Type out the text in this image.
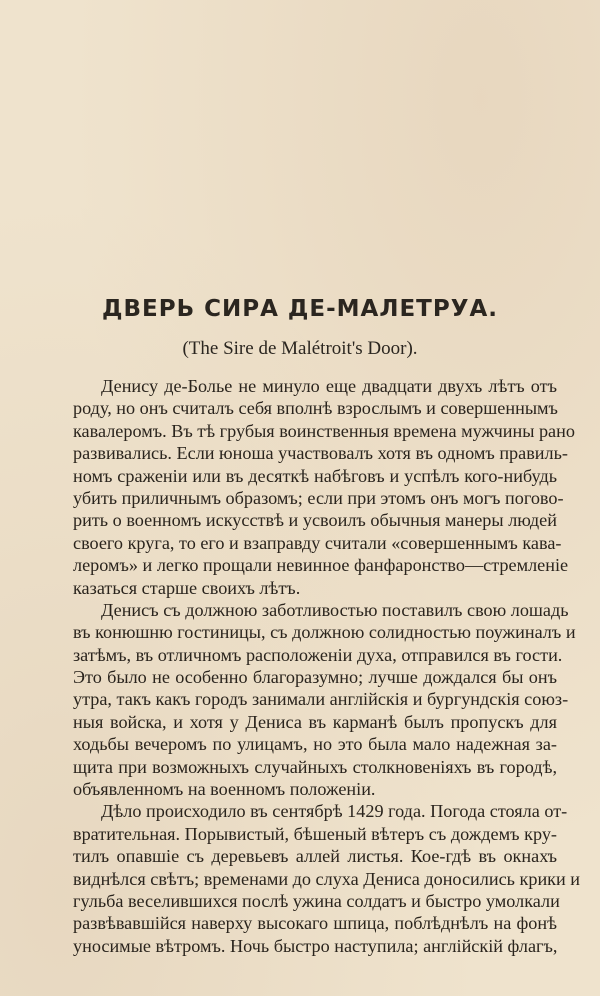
ДВЕРЬ СИРА ДЕ-МАЛЕТРУА.
(The Sire de Malétroit's Door).
Денису де-Болье не минуло еще двадцати двухъ лѣтъ отъ
роду, но онъ считалъ себя вполнѣ взрослымъ и совершеннымъ
кавалеромъ. Въ тѣ грубыя воинственныя времена мужчины рано
развивались. Если юноша участвовалъ хотя въ одномъ правиль-
номъ сраженіи или въ десяткѣ набѣговъ и успѣлъ кого-нибудь
убить приличнымъ образомъ; если при этомъ онъ могъ погово-
рить о военномъ искусствѣ и усвоилъ обычныя манеры людей
своего круга, то его и взаправду считали «совершеннымъ кава-
леромъ» и легко прощали невинное фанфаронство—стремленіе
казаться старше своихъ лѣтъ.
Денисъ съ должною заботливостью поставилъ свою лошадь
въ конюшню гостиницы, съ должною солидностью поужиналъ и
затѣмъ, въ отличномъ расположеніи духа, отправился въ гости.
Это было не особенно благоразумно; лучше дождался бы онъ
утра, такъ какъ городъ занимали англійскія и бургундскія союз-
ныя войска, и хотя у Дениса въ карманѣ былъ пропускъ для
ходьбы вечеромъ по улицамъ, но это была мало надежная за-
щита при возможныхъ случайныхъ столкновеніяхъ въ городѣ,
объявленномъ на военномъ положеніи.
Дѣло происходило въ сентябрѣ 1429 года. Погода стояла от-
вратительная. Порывистый, бѣшеный вѣтеръ съ дождемъ кру-
тилъ опавшіе съ деревьевъ аллей листья. Кое-гдѣ въ окнахъ
виднѣлся свѣтъ; временами до слуха Дениса доносились крики и
гульба веселившихся послѣ ужина солдатъ и быстро умолкали
развѣвавшійся наверху высокаго шпица, поблѣднѣлъ на фонѣ
уносимые вѣтромъ. Ночь быстро наступила; англійскій флагъ,
